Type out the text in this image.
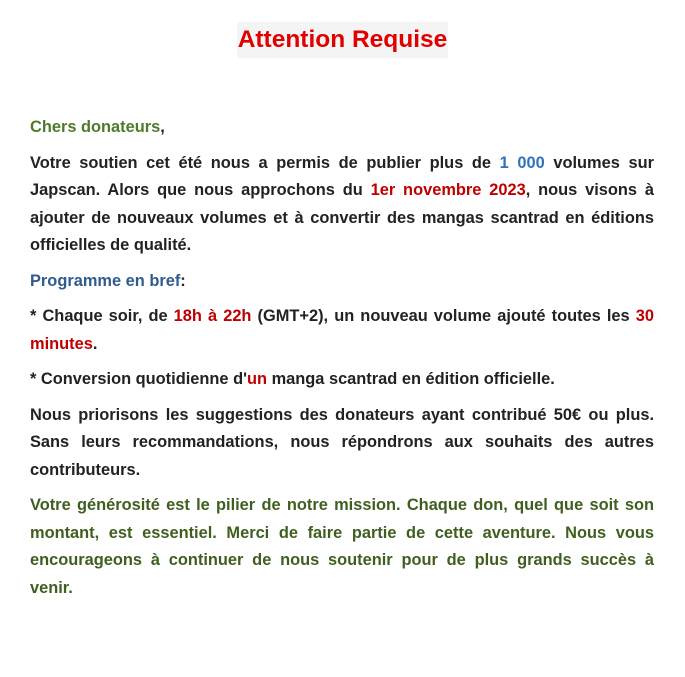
Attention Requise

Chers donateurs,

Votre soutien cet été nous a permis de publier plus de 1 000 volumes sur Japscan. Alors que nous approchons du 1er novembre 2023, nous visons à ajouter de nouveaux volumes et à convertir des mangas scantrad en éditions officielles de qualité.

Programme en bref:

* Chaque soir, de 18h à 22h (GMT+2), un nouveau volume ajouté toutes les 30 minutes.

* Conversion quotidienne d'un manga scantrad en édition officielle.

Nous priorisons les suggestions des donateurs ayant contribué 50€ ou plus. Sans leurs recommandations, nous répondrons aux souhaits des autres contributeurs.

Votre générosité est le pilier de notre mission. Chaque don, quel que soit son montant, est essentiel. Merci de faire partie de cette aventure. Nous vous encourageons à continuer de nous soutenir pour de plus grands succès à venir.
